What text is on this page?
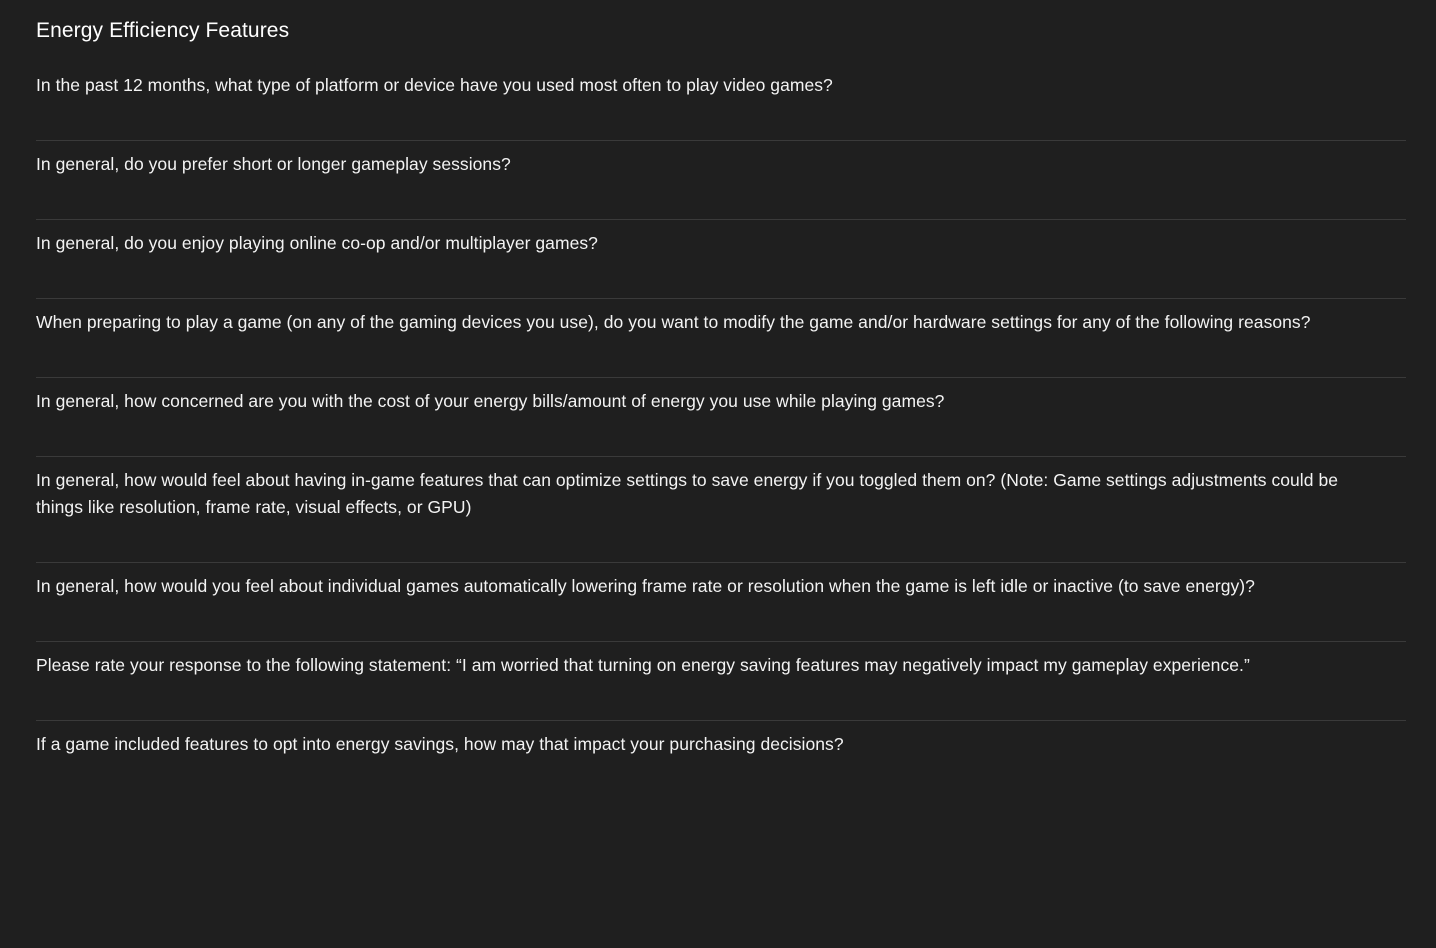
Energy Efficiency Features
In the past 12 months, what type of platform or device have you used most often to play video games?
In general, do you prefer short or longer gameplay sessions?
In general, do you enjoy playing online co-op and/or multiplayer games?
When preparing to play a game (on any of the gaming devices you use), do you want to modify the game and/or hardware settings for any of the following reasons?
In general, how concerned are you with the cost of your energy bills/amount of energy you use while playing games?
In general, how would feel about having in-game features that can optimize settings to save energy if you toggled them on? (Note: Game settings adjustments could be things like resolution, frame rate, visual effects, or GPU)
In general, how would you feel about individual games automatically lowering frame rate or resolution when the game is left idle or inactive (to save energy)?
Please rate your response to the following statement: “I am worried that turning on energy saving features may negatively impact my gameplay experience.”
If a game included features to opt into energy savings, how may that impact your purchasing decisions?
